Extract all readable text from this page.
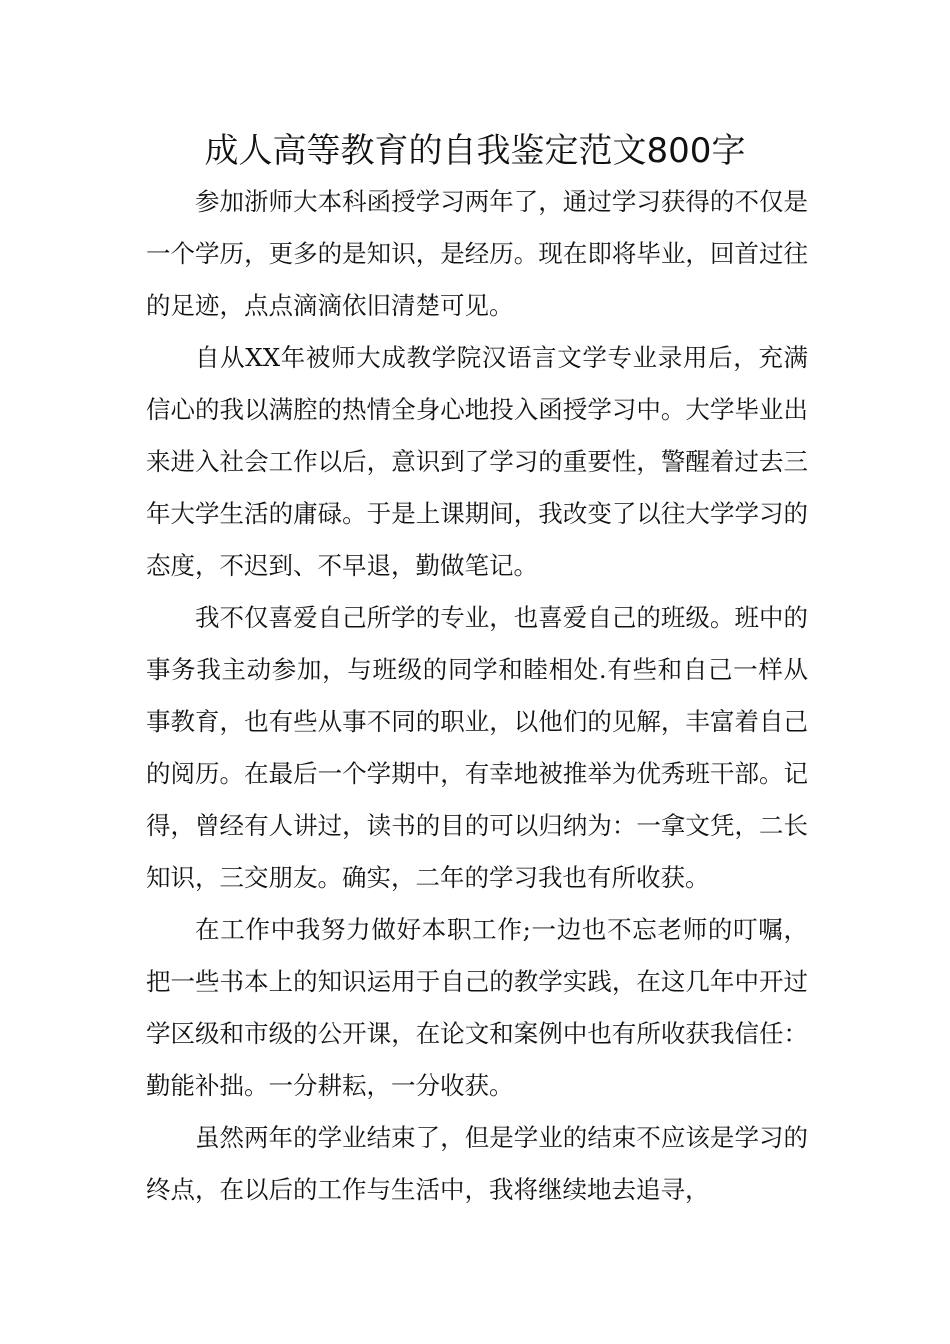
成人高等教育的自我鉴定范文800字

参加浙师大本科函授学习两年了，通过学习获得的不仅是一个学历，更多的是知识，是经历。现在即将毕业，回首过往的足迹，点点滴滴依旧清楚可见。

自从XX年被师大成教学院汉语言文学专业录用后，充满信心的我以满腔的热情全身心地投入函授学习中。大学毕业出来进入社会工作以后，意识到了学习的重要性，警醒着过去三年大学生活的庸碌。于是上课期间，我改变了以往大学学习的态度，不迟到、不早退，勤做笔记。

我不仅喜爱自己所学的专业，也喜爱自己的班级。班中的事务我主动参加，与班级的同学和睦相处.有些和自己一样从事教育，也有些从事不同的职业，以他们的见解，丰富着自己的阅历。在最后一个学期中，有幸地被推举为优秀班干部。记得，曾经有人讲过，读书的目的可以归纳为：一拿文凭，二长知识，三交朋友。确实，二年的学习我也有所收获。

在工作中我努力做好本职工作;一边也不忘老师的叮嘱，把一些书本上的知识运用于自己的教学实践，在这几年中开过学区级和市级的公开课，在论文和案例中也有所收获我信任：勤能补拙。一分耕耘，一分收获。

虽然两年的学业结束了，但是学业的结束不应该是学习的终点，在以后的工作与生活中，我将继续地去追寻，
